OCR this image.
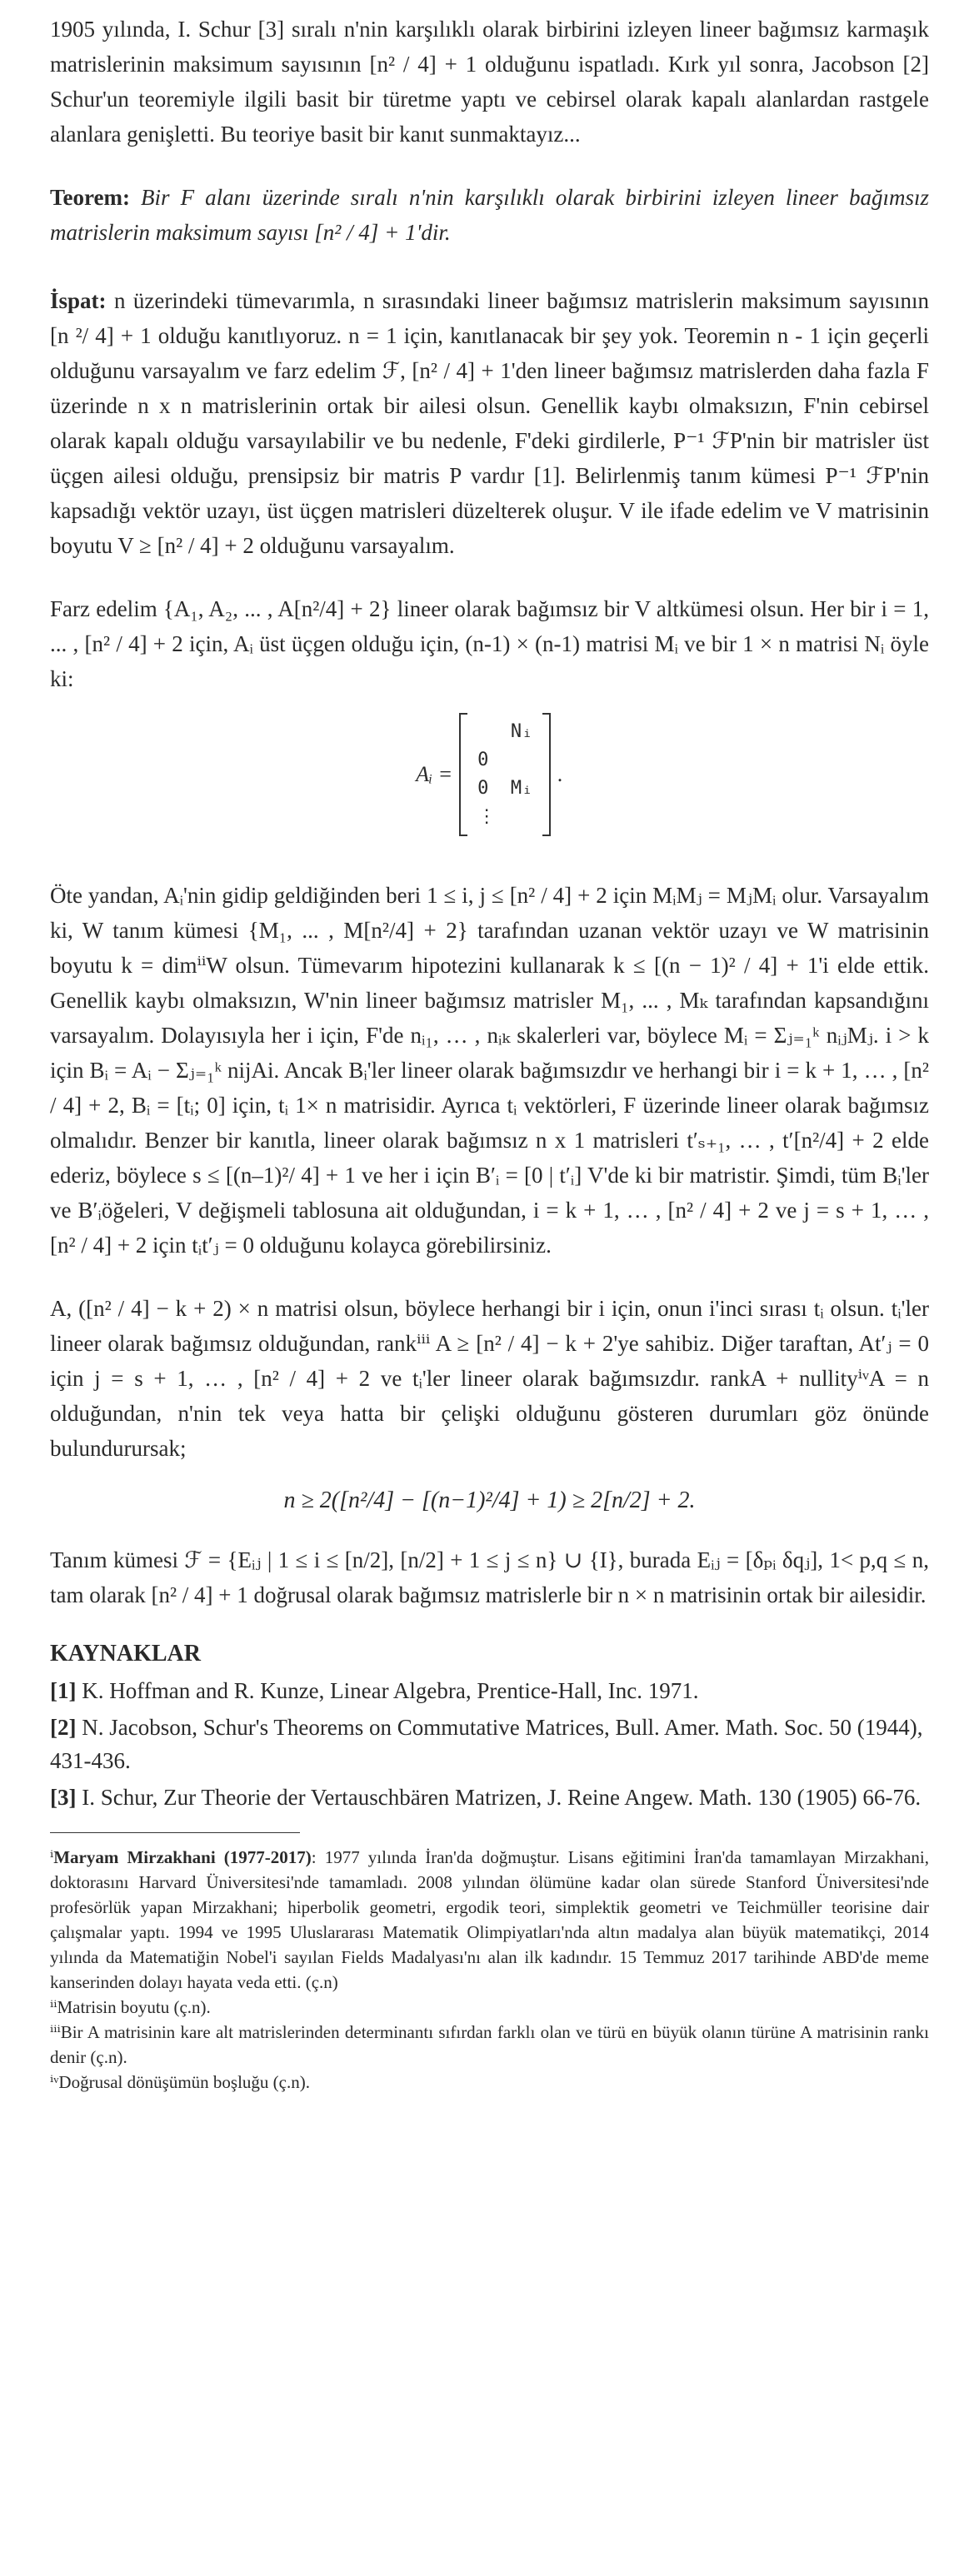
1905 yılında, I. Schur [3] sıralı n'nin karşılıklı olarak birbirini izleyen lineer bağımsız karmaşık matrislerinin maksimum sayısının [n² / 4] + 1 olduğunu ispatladı. Kırk yıl sonra, Jacobson [2] Schur'un teoremiyle ilgili basit bir türetme yaptı ve cebirsel olarak kapalı alanlardan rastgele alanlara genişletti. Bu teoriye basit bir kanıt sunmaktayız...

Teorem: Bir F alanı üzerinde sıralı n'nin karşılıklı olarak birbirini izleyen lineer bağımsız matrislerin maksimum sayısı [n² / 4] + 1'dir.

İspat: n üzerindeki tümevarımla, n sırasındaki lineer bağımsız matrislerin maksimum sayısının [n ²/ 4] + 1 olduğu kanıtlıyoruz. n = 1 için, kanıtlanacak bir şey yok. Teoremin n - 1 için geçerli olduğunu varsayalım ve farz edelim ℱ, [n² / 4] + 1'den lineer bağımsız matrislerden daha fazla F üzerinde n x n matrislerinin ortak bir ailesi olsun. Genellik kaybı olmaksızın, F'nin cebirsel olarak kapalı olduğu varsayılabilir ve bu nedenle, F'deki girdilerle, P⁻¹ ℱP'nin bir matrisler üst üçgen ailesi olduğu, prensipsiz bir matris P vardır [1]. Belirlenmiş tanım kümesi P⁻¹ ℱP'nin kapsadığı vektör uzayı, üst üçgen matrisleri düzelterek oluşur. V ile ifade edelim ve V matrisinin boyutu V ≥ [n² / 4] + 2 olduğunu varsayalım.

Farz edelim {A₁, A₂, ... , A[n²/4] + 2} lineer olarak bağımsız bir V altkümesi olsun. Her bir i = 1, ... , [n² / 4] + 2 için, Aᵢ üst üçgen olduğu için, (n-1) × (n-1) matrisi Mᵢ ve bir 1 × n matrisi Nᵢ öyle ki:

Aᵢ =
Nᵢ
0
0  Mᵢ
⋮
.

Öte yandan, Aᵢ'nin gidip geldiğinden beri 1 ≤ i, j ≤ [n² / 4] + 2 için MᵢMⱼ = MⱼMᵢ olur. Varsayalım ki, W tanım kümesi {M₁, ... , M[n²/4] + 2} tarafından uzanan vektör uzayı ve W matrisinin boyutu k = dimⁱⁱW olsun. Tümevarım hipotezini kullanarak k ≤ [(n − 1)² / 4] + 1'i elde ettik. Genellik kaybı olmaksızın, W'nin lineer bağımsız matrisler M₁, ... , Mₖ tarafından kapsandığını varsayalım. Dolayısıyla her i için, F'de nᵢ₁, … , nᵢₖ skalerleri var, böylece Mᵢ = Σⱼ₌₁ᵏ nᵢⱼMⱼ. i > k için Bᵢ = Aᵢ − Σⱼ₌₁ᵏ nijAi. Ancak Bᵢ'ler lineer olarak bağımsızdır ve herhangi bir i = k + 1, … , [n² / 4] + 2, Bᵢ = [tᵢ; 0] için, tᵢ 1× n matrisidir. Ayrıca tᵢ vektörleri, F üzerinde lineer olarak bağımsız olmalıdır. Benzer bir kanıtla, lineer olarak bağımsız n x 1 matrisleri t′ₛ₊₁, … , t′[n²/4] + 2 elde ederiz, böylece s ≤ [(n–1)²/ 4] + 1 ve her i için B′ᵢ = [0 | t′ᵢ] V'de ki bir matristir. Şimdi, tüm Bᵢ'ler ve B′ᵢöğeleri, V değişmeli tablosuna ait olduğundan, i = k + 1, … , [n² / 4] + 2 ve j = s + 1, … , [n² / 4] + 2 için tᵢt′ⱼ = 0 olduğunu kolayca görebilirsiniz.

A, ([n² / 4] − k + 2) × n matrisi olsun, böylece herhangi bir i için, onun i'inci sırası tᵢ olsun. tᵢ'ler lineer olarak bağımsız olduğundan, rankⁱⁱⁱ A ≥ [n² / 4] − k + 2'ye sahibiz. Diğer taraftan, At′ⱼ = 0 için j = s + 1, … , [n² / 4] + 2 ve tᵢ'ler lineer olarak bağımsızdır. rankA + nullityⁱᵛA = n olduğundan, n'nin tek veya hatta bir çelişki olduğunu gösteren durumları göz önünde bulundurursak;

n ≥ 2([n²/4] − [(n−1)²/4] + 1) ≥ 2[n/2] + 2.

Tanım kümesi ℱ = {Eᵢⱼ | 1 ≤ i ≤ [n/2], [n/2] + 1 ≤ j ≤ n} ∪ {I}, burada Eᵢⱼ = [δₚᵢ δqⱼ], 1< p,q ≤ n, tam olarak [n² / 4] + 1 doğrusal olarak bağımsız matrislerle bir n × n matrisinin ortak bir ailesidir.

KAYNAKLAR
[1] K. Hoffman and R. Kunze, Linear Algebra, Prentice-Hall, Inc. 1971.
[2] N. Jacobson, Schur's Theorems on Commutative Matrices, Bull. Amer. Math. Soc. 50 (1944), 431-436.
[3] I. Schur, Zur Theorie der Vertauschbären Matrizen, J. Reine Angew. Math. 130 (1905) 66-76.

ⁱMaryam Mirzakhani (1977-2017): 1977 yılında İran'da doğmuştur. Lisans eğitimini İran'da tamamlayan Mirzakhani, doktorasını Harvard Üniversitesi'nde tamamladı. 2008 yılından ölümüne kadar olan sürede Stanford Üniversitesi'nde profesörlük yapan Mirzakhani; hiperbolik geometri, ergodik teori, simplektik geometri ve Teichmüller teorisine dair çalışmalar yaptı. 1994 ve 1995 Uluslararası Matematik Olimpiyatları'nda altın madalya alan büyük matematikçi, 2014 yılında da Matematiğin Nobel'i sayılan Fields Madalyası'nı alan ilk kadındır. 15 Temmuz 2017 tarihinde ABD'de meme kanserinden dolayı hayata veda etti. (ç.n)

ⁱⁱMatrisin boyutu (ç.n).

ⁱⁱⁱBir A matrisinin kare alt matrislerinden determinantı sıfırdan farklı olan ve türü en büyük olanın türüne A matrisinin rankı denir (ç.n).

ⁱᵛDoğrusal dönüşümün boşluğu (ç.n).
